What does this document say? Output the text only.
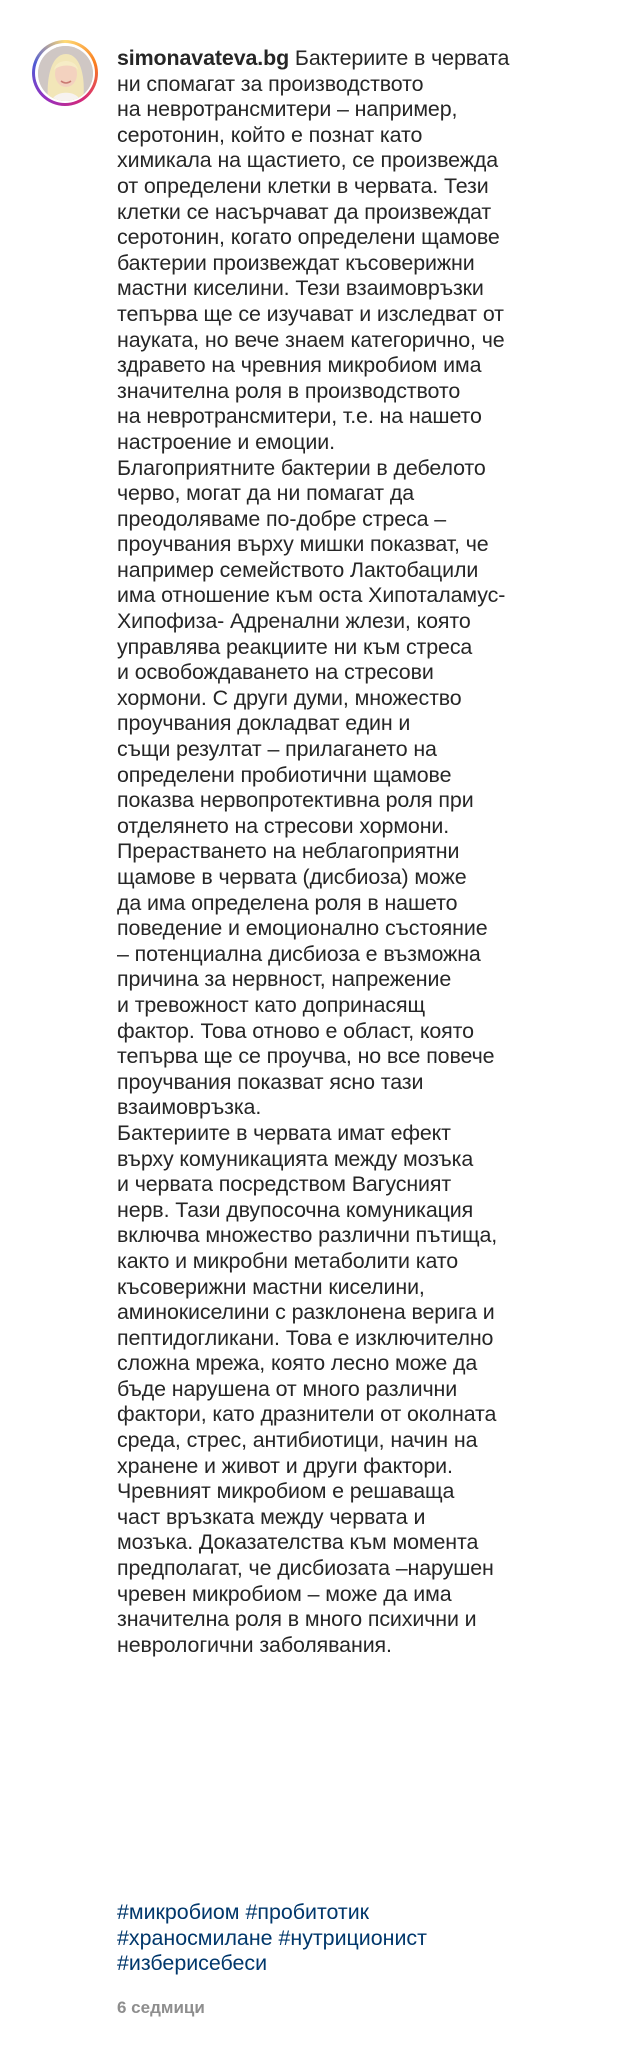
simonavateva.bg Бактериите в червата
ни спомагат за производството
на невротрансмитери – например,
серотонин, който е познат като
химикала на щастието, се произвежда
от определени клетки в червата. Тези
клетки се насърчават да произвеждат
серотонин, когато определени щамове
бактерии произвеждат късоверижни
мастни киселини. Тези взаимовръзки
тепърва ще се изучават и изследват от
науката, но вече знаем категорично, че
здравето на чревния микробиом има
значителна роля в производството
на невротрансмитери, т.е. на нашето
настроение и емоции.
Благоприятните бактерии в дебелото
черво, могат да ни помагат да
преодоляваме по-добре стреса –
проучвания върху мишки показват, че
например семейството Лактобацили
има отношение към оста Хипоталамус-
Хипофиза- Адренални жлези, която
управлява реакциите ни към стреса
и освобождаването на стресови
хормони. С други думи, множество
проучвания докладват един и
същи резултат – прилагането на
определени пробиотични щамове
показва нервопротективна роля при
отделянето на стресови хормони.
Прерастването на неблагоприятни
щамове в червата (дисбиоза) може
да има определена роля в нашето
поведение и емоционално състояние
– потенциална дисбиоза е възможна
причина за нервност, напрежение
и тревожност като допринасящ
фактор. Това отново е област, която
тепърва ще се проучва, но все повече
проучвания показват ясно тази
взаимовръзка.
Бактериите в червата имат ефект
върху комуникацията между мозъка
и червата посредством Вагусният
нерв. Тази двупосочна комуникация
включва множество различни пътища,
както и микробни метаболити като
късоверижни мастни киселини,
аминокиселини с разклонена верига и
пептидогликани. Това е изключително
сложна мрежа, която лесно може да
бъде нарушена от много различни
фактори, като дразнители от околната
среда, стрес, антибиотици, начин на
хранене и живот и други фактори.
Чревният микробиом е решаваща
част връзката между червата и
мозъка. Доказателства към момента
предполагат, че дисбиозата –нарушен
чревен микробиом – може да има
значителна роля в много психични и
неврологични заболявания.
#микробиом #пробитотик
#храносмилане #нутриционист
#изберисебеси
6 седмици
